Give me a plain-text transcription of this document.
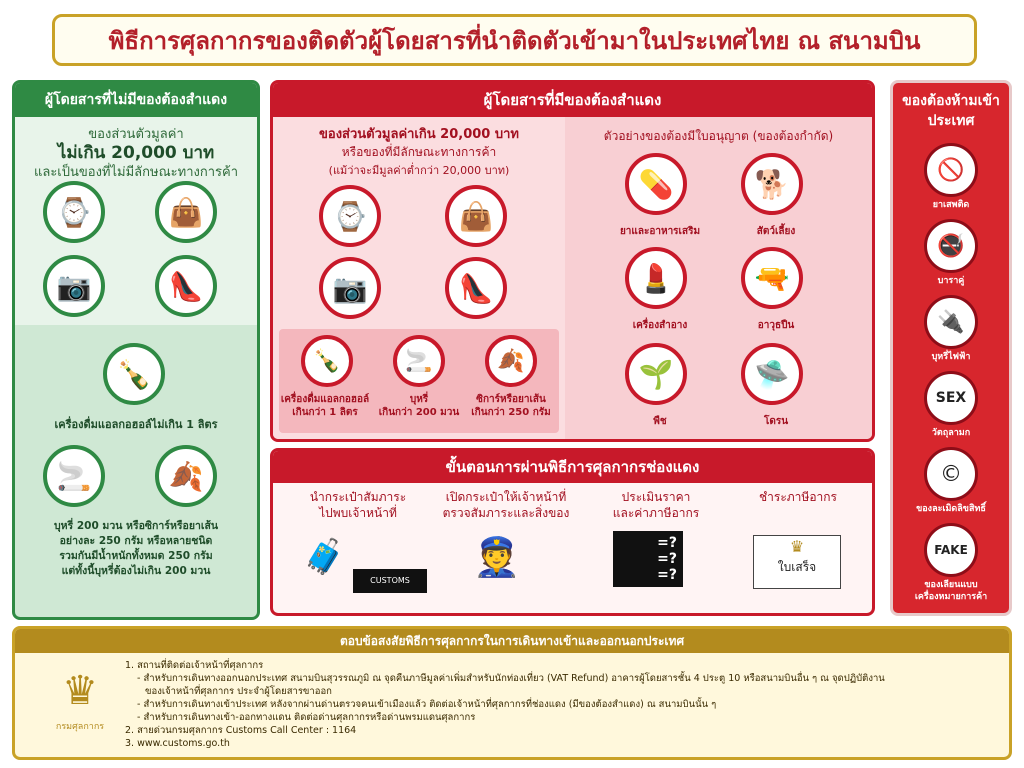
พิธีการศุลกากรของติดตัวผู้โดยสารที่นำติดตัวเข้ามาในประเทศไทย ณ สนามบิน
ผู้โดยสารที่ไม่มีของต้องสำแดง
ของส่วนตัวมูลค่า
ไม่เกิน 20,000 บาท
และเป็นของที่ไม่มีลักษณะทางการค้า
⌚	👜
📷	👠
🍾
เครื่องดื่มแอลกอฮอล์ไม่เกิน 1 ลิตร
🚬	🍂
บุหรี่ 200 มวน หรือซิการ์หรือยาเส้น
อย่างละ 250 กรัม หรือหลายชนิด
รวมกันมีน้ำหนักทั้งหมด 250 กรัม
แต่ทั้งนี้บุหรี่ต้องไม่เกิน 200 มวน
ผู้โดยสารที่มีของต้องสำแดง
ของส่วนตัวมูลค่าเกิน 20,000 บาท
หรือของที่มีลักษณะทางการค้า
(แม้ว่าจะมีมูลค่าต่ำกว่า 20,000 บาท)
⌚	👜
📷	👠
🍾	🚬	🍂
เครื่องดื่มแอลกอฮอล์
เกินกว่า 1 ลิตร
บุหรี่
เกินกว่า 200 มวน
ซิการ์หรือยาเส้น
เกินกว่า 250 กรัม
ตัวอย่างของต้องมีใบอนุญาต (ของต้องกำกัด)
💊
ยาและอาหารเสริม
🐕
สัตว์เลี้ยง
💄
เครื่องสำอาง
🔫
อาวุธปืน
🌱
พืช
🛸
โดรน
ขั้นตอนการผ่านพิธีการศุลกากรช่องแดง
นำกระเป๋าสัมภาระ
ไปพบเจ้าหน้าที่
🧳
CUSTOMS
เปิดกระเป๋าให้เจ้าหน้าที่
ตรวจสัมภาระและสิ่งของ
👮
ประเมินราคา
และค่าภาษีอากร
=?
=?
=?
ชำระภาษีอากร
♛
ใบเสร็จ
ของต้องห้ามเข้าประเทศ
🚫
ยาเสพติด
🚭
บาราคู่
🔌
บุหรี่ไฟฟ้า
SEX
วัตถุลามก
©
ของละเมิดลิขสิทธิ์
FAKE
ของเลียนแบบ เครื่องหมายการค้า
ตอบข้อสงสัยพิธีการศุลกากรในการเดินทางเข้าและออกนอกประเทศ
♛
กรมศุลกากร
1. สถานที่ติดต่อเจ้าหน้าที่ศุลกากร
- สำหรับการเดินทางออกนอกประเทศ สนามบินสุวรรณภูมิ ณ จุดคืนภาษีมูลค่าเพิ่มสำหรับนักท่องเที่ยว (VAT Refund) อาคารผู้โดยสารชั้น 4 ประตู 10 หรือสนามบินอื่น ๆ ณ จุดปฏิบัติงาน
ของเจ้าหน้าที่ศุลกากร ประจำผู้โดยสารขาออก
- สำหรับการเดินทางเข้าประเทศ หลังจากผ่านด่านตรวจคนเข้าเมืองแล้ว ติดต่อเจ้าหน้าที่ศุลกากรที่ช่องแดง (มีของต้องสำแดง) ณ สนามบินนั้น ๆ
- สำหรับการเดินทางเข้า-ออกทางแดน ติดต่อด่านศุลกากรหรือด่านพรมแดนศุลกากร
2. สายด่วนกรมศุลกากร Customs Call Center : 1164
3. www.customs.go.th
